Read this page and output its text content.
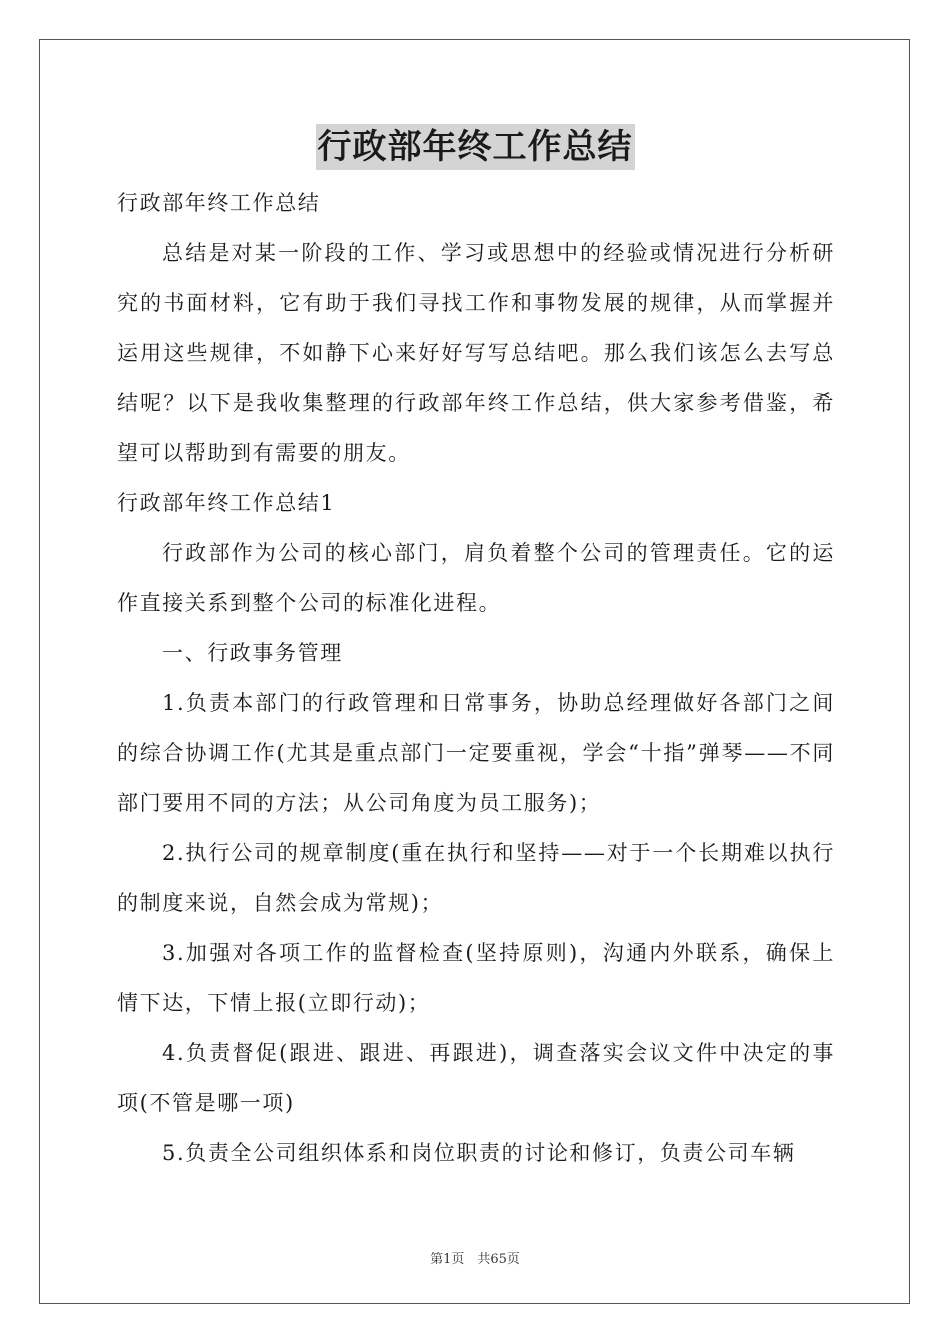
行政部年终工作总结

行政部年终工作总结

总结是对某一阶段的工作、学习或思想中的经验或情况进行分析研究的书面材料，它有助于我们寻找工作和事物发展的规律，从而掌握并运用这些规律，不如静下心来好好写写总结吧。那么我们该怎么去写总结呢？以下是我收集整理的行政部年终工作总结，供大家参考借鉴，希望可以帮助到有需要的朋友。

行政部年终工作总结1

行政部作为公司的核心部门，肩负着整个公司的管理责任。它的运作直接关系到整个公司的标准化进程。

一、行政事务管理

1.负责本部门的行政管理和日常事务，协助总经理做好各部门之间的综合协调工作(尤其是重点部门一定要重视，学会“十指”弹琴——不同部门要用不同的方法；从公司角度为员工服务)；

2.执行公司的规章制度(重在执行和坚持——对于一个长期难以执行的制度来说，自然会成为常规)；

3.加强对各项工作的监督检查(坚持原则)，沟通内外联系，确保上情下达，下情上报(立即行动)；

4.负责督促(跟进、跟进、再跟进)，调查落实会议文件中决定的事项(不管是哪一项)

5.负责全公司组织体系和岗位职责的讨论和修订，负责公司车辆

第1页　共65页
